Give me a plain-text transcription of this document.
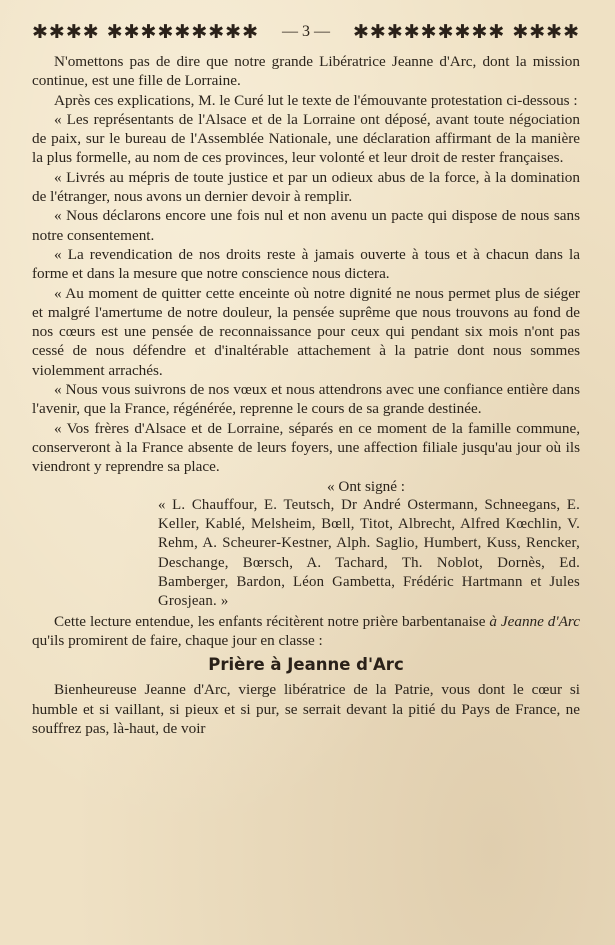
✱✱✱✱ ✱✱✱✱✱✱✱✱✱ — 3 — ✱✱✱✱✱✱✱✱✱ ✱✱✱✱

N'omettons pas de dire que notre grande Libératrice Jeanne d'Arc, dont la mission continue, est une fille de Lorraine.

Après ces explications, M. le Curé lut le texte de l'émouvante protestation ci-dessous :

« Les représentants de l'Alsace et de la Lorraine ont déposé, avant toute négociation de paix, sur le bureau de l'Assemblée Nationale, une déclaration affirmant de la manière la plus formelle, au nom de ces provinces, leur volonté et leur droit de rester françaises.

« Livrés au mépris de toute justice et par un odieux abus de la force, à la domination de l'étranger, nous avons un dernier devoir à remplir.

« Nous déclarons encore une fois nul et non avenu un pacte qui dispose de nous sans notre consentement.

« La revendication de nos droits reste à jamais ouverte à tous et à chacun dans la forme et dans la mesure que notre conscience nous dictera.

« Au moment de quitter cette enceinte où notre dignité ne nous permet plus de siéger et malgré l'amertume de notre douleur, la pensée suprême que nous trouvons au fond de nos cœurs est une pensée de reconnaissance pour ceux qui pendant six mois n'ont pas cessé de nous défendre et d'inaltérable attachement à la patrie dont nous sommes violemment arrachés.

« Nous vous suivrons de nos vœux et nous attendrons avec une confiance entière dans l'avenir, que la France, régénérée, reprenne le cours de sa grande destinée.

« Vos frères d'Alsace et de Lorraine, séparés en ce moment de la famille commune, conserveront à la France absente de leurs foyers, une affection filiale jusqu'au jour où ils viendront y reprendre sa place.

« Ont signé :

« L. Chauffour, E. Teutsch, Dr André Ostermann, Schneegans, E. Keller, Kablé, Melsheim, Bœll, Titot, Albrecht, Alfred Kœchlin, V. Rehm, A. Scheurer-Kestner, Alph. Saglio, Humbert, Kuss, Rencker, Deschange, Bœrsch, A. Tachard, Th. Noblot, Dornès, Ed. Bamberger, Bardon, Léon Gambetta, Frédéric Hartmann et Jules Grosjean. »

Cette lecture entendue, les enfants récitèrent notre prière barbentanaise à Jeanne d'Arc qu'ils promirent de faire, chaque jour en classe :

Prière à Jeanne d'Arc

Bienheureuse Jeanne d'Arc, vierge libératrice de la Patrie, vous dont le cœur si humble et si vaillant, si pieux et si pur, se serrait devant la pitié du Pays de France, ne souffrez pas, là-haut, de voir
